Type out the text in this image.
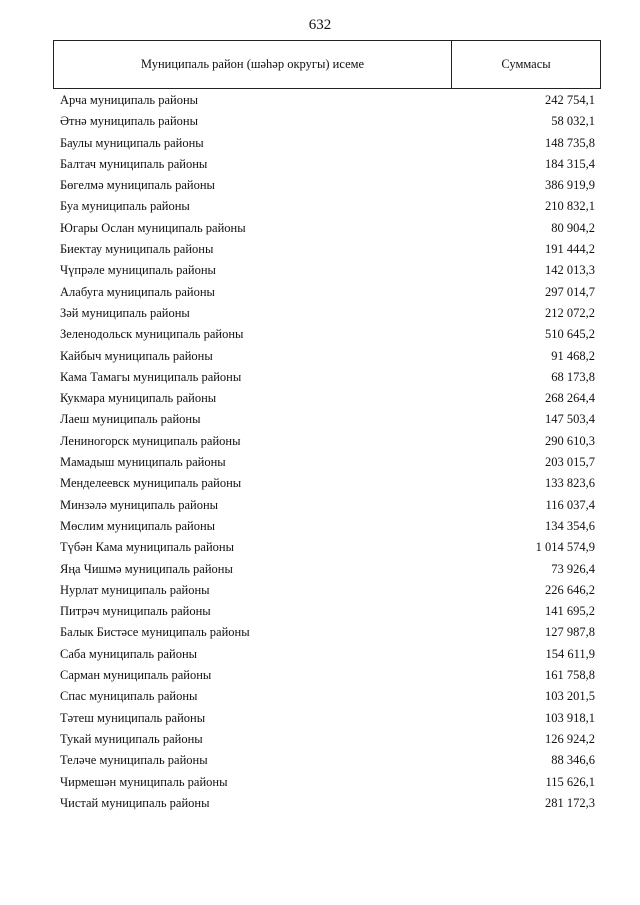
632
Муниципаль район (шәһәр округы) исеме	Суммасы
Арча муниципаль районы	242 754,1
Әтнә муниципаль районы	58 032,1
Баулы муниципаль районы	148 735,8
Балтач муниципаль районы	184 315,4
Бөгелмә муниципаль районы	386 919,9
Буа муниципаль районы	210 832,1
Югары Ослан муниципаль районы	80 904,2
Биектау муниципаль районы	191 444,2
Чүпрәле муниципаль районы	142 013,3
Алабуга муниципаль районы	297 014,7
Зәй муниципаль районы	212 072,2
Зеленодольск муниципаль районы	510 645,2
Кайбыч муниципаль районы	91 468,2
Кама Тамагы муниципаль районы	68 173,8
Кукмара муниципаль районы	268 264,4
Лаеш муниципаль районы	147 503,4
Лениногорск муниципаль районы	290 610,3
Мамадыш муниципаль районы	203 015,7
Менделеевск муниципаль районы	133 823,6
Минзәлә муниципаль районы	116 037,4
Мөслим муниципаль районы	134 354,6
Түбән Кама муниципаль районы	1 014 574,9
Яңа Чишмә муниципаль районы	73 926,4
Нурлат муниципаль районы	226 646,2
Питрәч муниципаль районы	141 695,2
Балык Бистәсе муниципаль районы	127 987,8
Саба муниципаль районы	154 611,9
Сарман муниципаль районы	161 758,8
Спас муниципаль районы	103 201,5
Тәтеш муниципаль районы	103 918,1
Тукай муниципаль районы	126 924,2
Теләче муниципаль районы	88 346,6
Чирмешән муниципаль районы	115 626,1
Чистай муниципаль районы	281 172,3
